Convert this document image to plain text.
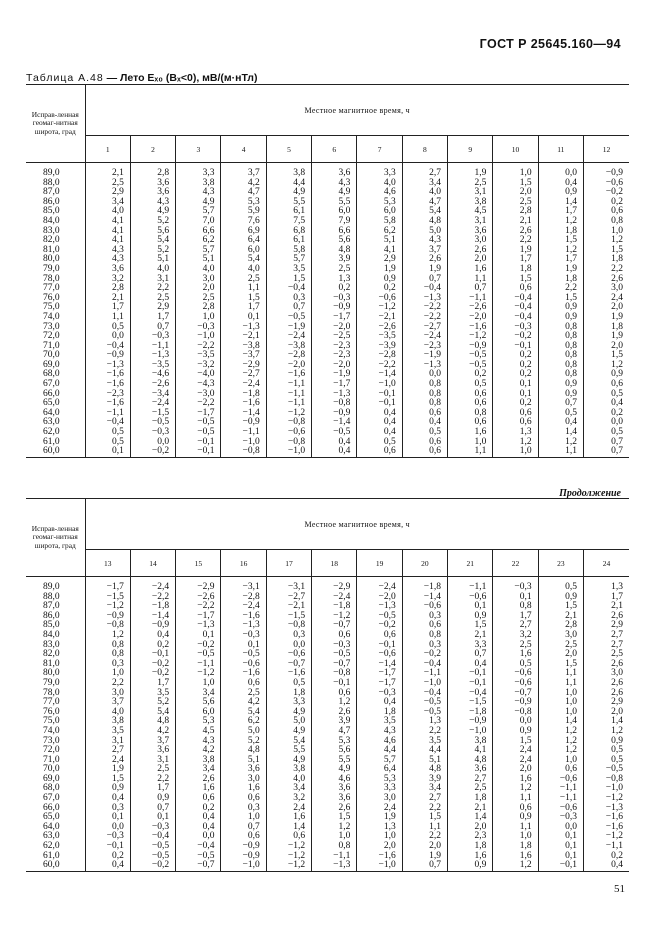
ГОСТ Р 25645.160—94
Таблица А.48 — Лето Eₓ₀ (Bₓ<0), мВ/(м·нТл)
Исправ-ленная геомаг-нитная широта, град	Местное магнитное время, ч											
	1	2	3	4	5	6	7	8	9	10	11	12
89,0	2,1	2,8	3,3	3,7	3,8	3,6	3,3	2,7	1,9	1,0	0,0	−0,9
88,0	2,5	3,6	3,8	4,2	4,4	4,3	4,0	3,4	2,5	1,5	0,4	−0,6
87,0	2,9	3,6	4,3	4,7	4,9	4,9	4,6	4,0	3,1	2,0	0,9	−0,2
86,0	3,4	4,3	4,9	5,3	5,5	5,5	5,3	4,7	3,8	2,5	1,4	0,2
85,0	4,0	4,9	5,7	5,9	6,1	6,0	6,0	5,4	4,5	2,8	1,7	0,6
84,0	4,1	5,2	7,0	7,6	7,5	7,9	5,8	4,8	3,1	2,1	1,2	0,8
83,0	4,1	5,6	6,6	6,9	6,8	6,6	6,2	5,0	3,6	2,6	1,8	1,0
82,0	4,1	5,4	6,2	6,4	6,1	5,6	5,1	4,3	3,0	2,2	1,5	1,2
81,0	4,3	5,2	5,7	6,0	5,8	4,8	4,1	3,7	2,6	1,9	1,2	1,5
80,0	4,3	5,1	5,1	5,4	5,7	3,9	2,9	2,6	2,0	1,7	1,7	1,8
79,0	3,6	4,0	4,0	4,0	3,5	2,5	1,9	1,9	1,6	1,8	1,9	2,2
78,0	3,2	3,1	3,0	2,5	1,5	1,3	0,9	0,7	1,1	1,5	1,8	2,6
77,0	2,8	2,2	2,0	1,1	−0,4	0,2	0,2	−0,4	0,7	0,6	2,2	3,0
76,0	2,1	2,5	2,5	1,5	0,3	−0,3	−0,6	−1,3	−1,1	−0,4	1,5	2,4
75,0	1,7	2,9	2,8	1,7	0,7	−0,9	−1,2	−2,2	−2,6	−0,4	0,9	2,0
74,0	1,1	1,7	1,0	0,1	−0,5	−1,7	−2,1	−2,2	−2,0	−0,4	0,9	1,9
73,0	0,5	0,7	−0,3	−1,3	−1,9	−2,0	−2,6	−2,7	−1,6	−0,3	0,8	1,8
72,0	0,0	−0,3	−1,0	−2,1	−2,4	−2,5	−3,5	−2,4	−1,2	−0,2	0,8	1,9
71,0	−0,4	−1,1	−2,2	−3,8	−3,8	−2,3	−3,9	−2,3	−0,9	−0,1	0,8	2,0
70,0	−0,9	−1,3	−3,5	−3,7	−2,8	−2,3	−2,8	−1,9	−0,5	0,2	0,8	1,5
69,0	−1,3	−3,5	−3,2	−2,9	−2,0	−2,0	−2,2	−1,3	−0,5	0,2	0,8	1,2
68,0	−1,6	−4,6	−4,0	−2,7	−1,6	−1,9	−1,4	0,0	0,2	0,2	0,8	0,9
67,0	−1,6	−2,6	−4,3	−2,4	−1,1	−1,7	−1,0	0,8	0,5	0,1	0,9	0,6
66,0	−2,3	−3,4	−3,0	−1,8	−1,1	−1,3	−0,1	0,8	0,6	0,1	0,9	0,5
65,0	−1,6	−2,4	−2,2	−1,6	−1,1	−0,8	−0,1	0,8	0,6	0,2	0,7	0,4
64,0	−1,1	−1,5	−1,7	−1,4	−1,2	−0,9	0,4	0,6	0,8	0,6	0,5	0,2
63,0	−0,4	−0,5	−0,5	−0,9	−0,8	−1,4	0,4	0,4	0,6	0,6	0,4	0,0
62,0	0,5	−0,3	−0,5	−1,1	−0,6	−0,5	0,4	0,5	1,6	1,3	1,4	0,5
61,0	0,5	0,0	−0,1	−1,0	−0,8	0,4	0,5	0,6	1,0	1,2	1,2	0,7
60,0	0,1	−0,2	−0,1	−0,8	−1,0	0,4	0,6	0,6	1,1	1,0	1,1	0,7
Продолжение
Исправ-ленная геомаг-нитная широта, град	Местное магнитное время, ч											
	13	14	15	16	17	18	19	20	21	22	23	24
89,0	−1,7	−2,4	−2,9	−3,1	−3,1	−2,9	−2,4	−1,8	−1,1	−0,3	0,5	1,3
88,0	−1,5	−2,2	−2,6	−2,8	−2,7	−2,4	−2,0	−1,4	−0,6	0,1	0,9	1,7
87,0	−1,2	−1,8	−2,2	−2,4	−2,1	−1,8	−1,3	−0,6	0,1	0,8	1,5	2,1
86,0	−0,9	−1,4	−1,7	−1,6	−1,5	−1,2	−0,5	0,3	0,9	1,7	2,1	2,6
85,0	−0,8	−0,9	−1,3	−1,3	−0,8	−0,7	−0,2	0,6	1,5	2,7	2,8	2,9
84,0	1,2	0,4	0,1	−0,3	0,3	0,6	0,6	0,8	2,1	3,2	3,0	2,7
83,0	0,8	0,2	−0,2	0,1	0,0	−0,3	−0,1	0,3	3,3	2,5	2,5	2,7
82,0	0,8	−0,1	−0,5	−0,5	−0,6	−0,5	−0,6	−0,2	0,7	1,6	2,0	2,5
81,0	0,3	−0,2	−1,1	−0,6	−0,7	−0,7	−1,4	−0,4	0,4	0,5	1,5	2,6
80,0	1,0	−0,2	−1,2	−1,6	−1,6	−0,8	−1,7	−1,1	−0,1	−0,6	1,1	3,0
79,0	2,2	1,7	1,0	0,6	0,5	−0,1	−1,7	−1,0	−0,1	−0,6	1,1	2,6
78,0	3,0	3,5	3,4	2,5	1,8	0,6	−0,3	−0,4	−0,4	−0,7	1,0	2,6
77,0	3,7	5,2	5,6	4,2	3,3	1,2	0,4	−0,5	−1,5	−0,9	1,0	2,9
76,0	4,0	5,4	6,0	5,4	4,9	2,6	1,8	−0,5	−1,8	−0,8	1,0	2,0
75,0	3,8	4,8	5,3	6,2	5,0	3,9	3,5	1,3	−0,9	0,0	1,4	1,4
74,0	3,5	4,2	4,5	5,0	4,9	4,7	4,3	2,2	−1,0	0,9	1,2	1,2
73,0	3,1	3,7	4,3	5,2	5,4	5,3	4,6	3,5	3,8	1,5	1,2	0,9
72,0	2,7	3,6	4,2	4,8	5,5	5,6	4,4	4,4	4,1	2,4	1,2	0,5
71,0	2,4	3,1	3,8	5,1	4,9	5,5	5,7	5,1	4,8	2,4	1,0	0,5
70,0	1,9	2,5	3,4	3,6	3,8	4,9	6,4	4,8	3,6	2,0	0,6	−0,5
69,0	1,5	2,2	2,6	3,0	4,0	4,6	5,3	3,9	2,7	1,6	−0,6	−0,8
68,0	0,9	1,7	1,6	1,6	3,4	3,6	3,3	3,4	2,5	1,2	−1,1	−1,0
67,0	0,4	0,9	0,6	0,6	3,2	3,6	3,0	2,7	1,8	1,1	−1,1	−1,2
66,0	0,3	0,7	0,2	0,3	2,4	2,6	2,4	2,2	2,1	0,6	−0,6	−1,3
65,0	0,1	0,1	0,4	1,0	1,6	1,5	1,9	1,5	1,4	0,9	−0,3	−1,6
64,0	0,0	−0,3	0,4	0,7	1,4	1,2	1,3	1,1	2,0	1,1	0,0	−1,6
63,0	−0,3	−0,4	0,0	0,6	0,6	1,0	1,0	2,2	2,3	1,0	0,1	−1,2
62,0	−0,1	−0,5	−0,4	−0,9	−1,2	0,8	2,0	2,0	1,8	1,8	0,1	−1,1
61,0	0,2	−0,5	−0,5	−0,9	−1,2	−1,1	−1,6	1,9	1,6	1,6	0,1	0,2
60,0	0,4	−0,2	−0,7	−1,0	−1,2	−1,3	−1,0	0,7	0,9	1,2	−0,1	0,4
51
